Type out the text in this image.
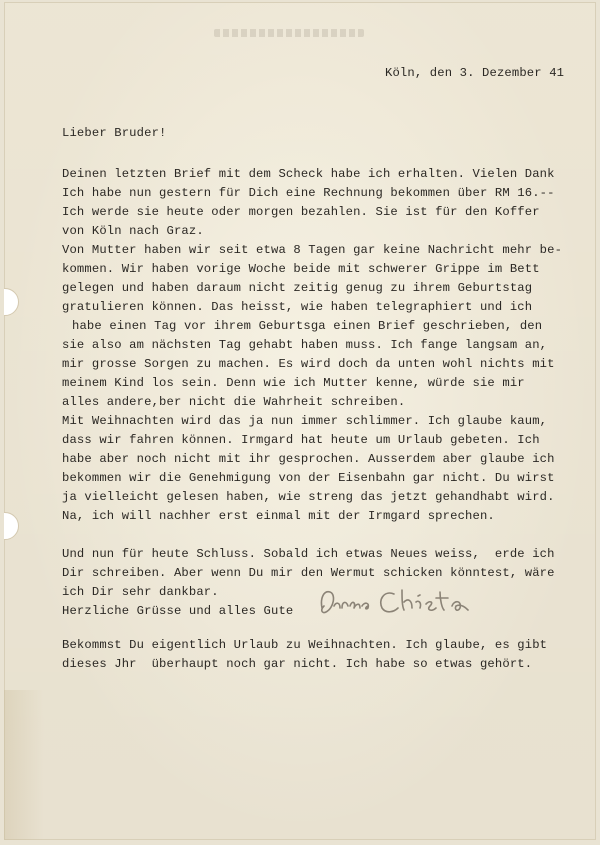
Köln, den 3. Dezember 41
Lieber Bruder!
Deinen letzten Brief mit dem Scheck habe ich erhalten. Vielen Dank
Ich habe nun gestern für Dich eine Rechnung bekommen über RM 16.--
Ich werde sie heute oder morgen bezahlen. Sie ist für den Koffer
von Köln nach Graz.
Von Mutter haben wir seit etwa 8 Tagen gar keine Nachricht mehr be-
kommen. Wir haben vorige Woche beide mit schwerer Grippe im Bett
gelegen und haben daraum nicht zeitig genug zu ihrem Geburtstag
gratulieren können. Das heisst, wie haben telegraphiert und ich
habe einen Tag vor ihrem Geburtsga einen Brief geschrieben, den
sie also am nächsten Tag gehabt haben muss. Ich fange langsam an,
mir grosse Sorgen zu machen. Es wird doch da unten wohl nichts mit
meinem Kind los sein. Denn wie ich Mutter kenne, würde sie mir
alles andere,ber nicht die Wahrheit schreiben.
Mit Weihnachten wird das ja nun immer schlimmer. Ich glaube kaum,
dass wir fahren können. Irmgard hat heute um Urlaub gebeten. Ich
habe aber noch nicht mit ihr gesprochen. Ausserdem aber glaube ich
bekommen wir die Genehmigung von der Eisenbahn gar nicht. Du wirst
ja vielleicht gelesen haben, wie streng das jetzt gehandhabt wird.
Na, ich will nachher erst einmal mit der Irmgard sprechen.
Und nun für heute Schluss. Sobald ich etwas Neues weiss,  erde ich
Dir schreiben. Aber wenn Du mir den Wermut schicken könntest, wäre
ich Dir sehr dankbar.
Herzliche Grüsse und alles Gute
Bekommst Du eigentlich Urlaub zu Weihnachten. Ich glaube, es gibt
dieses Jhr  überhaupt noch gar nicht. Ich habe so etwas gehört.
